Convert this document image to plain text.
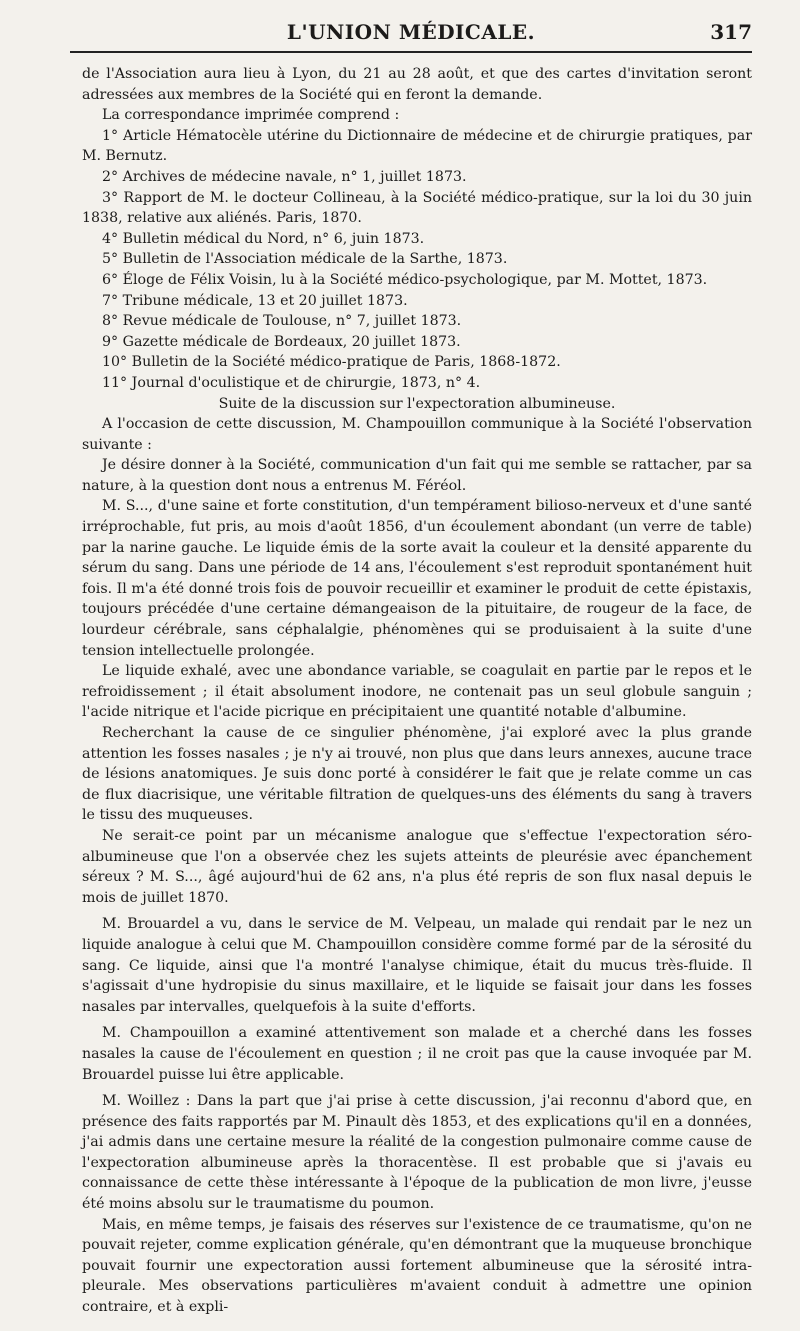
L'UNION MÉDICALE.	317

de l'Association aura lieu à Lyon, du 21 au 28 août, et que des cartes d'invitation seront adressées aux membres de la Société qui en feront la demande.

La correspondance imprimée comprend :

1° Article Hématocèle utérine du Dictionnaire de médecine et de chirurgie pratiques, par M. Bernutz.
2° Archives de médecine navale, n° 1, juillet 1873.
3° Rapport de M. le docteur Collineau, à la Société médico-pratique, sur la loi du 30 juin 1838, relative aux aliénés. Paris, 1870.
4° Bulletin médical du Nord, n° 6, juin 1873.
5° Bulletin de l'Association médicale de la Sarthe, 1873.
6° Éloge de Félix Voisin, lu à la Société médico-psychologique, par M. Mottet, 1873.
7° Tribune médicale, 13 et 20 juillet 1873.
8° Revue médicale de Toulouse, n° 7, juillet 1873.
9° Gazette médicale de Bordeaux, 20 juillet 1873.
10° Bulletin de la Société médico-pratique de Paris, 1868-1872.
11° Journal d'oculistique et de chirurgie, 1873, n° 4.

Suite de la discussion sur l'expectoration albumineuse.

A l'occasion de cette discussion, M. Champouillon communique à la Société l'observation suivante :

Je désire donner à la Société, communication d'un fait qui me semble se rattacher, par sa nature, à la question dont nous a entrenus M. Féréol.

M. S..., d'une saine et forte constitution, d'un tempérament bilioso-nerveux et d'une santé irréprochable, fut pris, au mois d'août 1856, d'un écoulement abondant (un verre de table) par la narine gauche. Le liquide émis de la sorte avait la couleur et la densité apparente du sérum du sang. Dans une période de 14 ans, l'écoulement s'est reproduit spontanément huit fois. Il m'a été donné trois fois de pouvoir recueillir et examiner le produit de cette épistaxis, toujours précédée d'une certaine démangeaison de la pituitaire, de rougeur de la face, de lourdeur cérébrale, sans céphalalgie, phénomènes qui se produisaient à la suite d'une tension intellectuelle prolongée.

Le liquide exhalé, avec une abondance variable, se coagulait en partie par le repos et le refroidissement ; il était absolument inodore, ne contenait pas un seul globule sanguin ; l'acide nitrique et l'acide picrique en précipitaient une quantité notable d'albumine.

Recherchant la cause de ce singulier phénomène, j'ai exploré avec la plus grande attention les fosses nasales ; je n'y ai trouvé, non plus que dans leurs annexes, aucune trace de lésions anatomiques. Je suis donc porté à considérer le fait que je relate comme un cas de flux diacrisique, une véritable filtration de quelques-uns des éléments du sang à travers le tissu des muqueuses.

Ne serait-ce point par un mécanisme analogue que s'effectue l'expectoration séro-albumineuse que l'on a observée chez les sujets atteints de pleurésie avec épanchement séreux ? M. S..., âgé aujourd'hui de 62 ans, n'a plus été repris de son flux nasal depuis le mois de juillet 1870.

M. Brouardel a vu, dans le service de M. Velpeau, un malade qui rendait par le nez un liquide analogue à celui que M. Champouillon considère comme formé par de la sérosité du sang. Ce liquide, ainsi que l'a montré l'analyse chimique, était du mucus très-fluide. Il s'agissait d'une hydropisie du sinus maxillaire, et le liquide se faisait jour dans les fosses nasales par intervalles, quelquefois à la suite d'efforts.

M. Champouillon a examiné attentivement son malade et a cherché dans les fosses nasales la cause de l'écoulement en question ; il ne croit pas que la cause invoquée par M. Brouardel puisse lui être applicable.

M. Woillez : Dans la part que j'ai prise à cette discussion, j'ai reconnu d'abord que, en présence des faits rapportés par M. Pinault dès 1853, et des explications qu'il en a données, j'ai admis dans une certaine mesure la réalité de la congestion pulmonaire comme cause de l'expectoration albumineuse après la thoracentèse. Il est probable que si j'avais eu connaissance de cette thèse intéressante à l'époque de la publication de mon livre, j'eusse été moins absolu sur le traumatisme du poumon.

Mais, en même temps, je faisais des réserves sur l'existence de ce traumatisme, qu'on ne pouvait rejeter, comme explication générale, qu'en démontrant que la muqueuse bronchique pouvait fournir une expectoration aussi fortement albumineuse que la sérosité intra-pleurale. Mes observations particulières m'avaient conduit à admettre une opinion contraire, et à expli-
